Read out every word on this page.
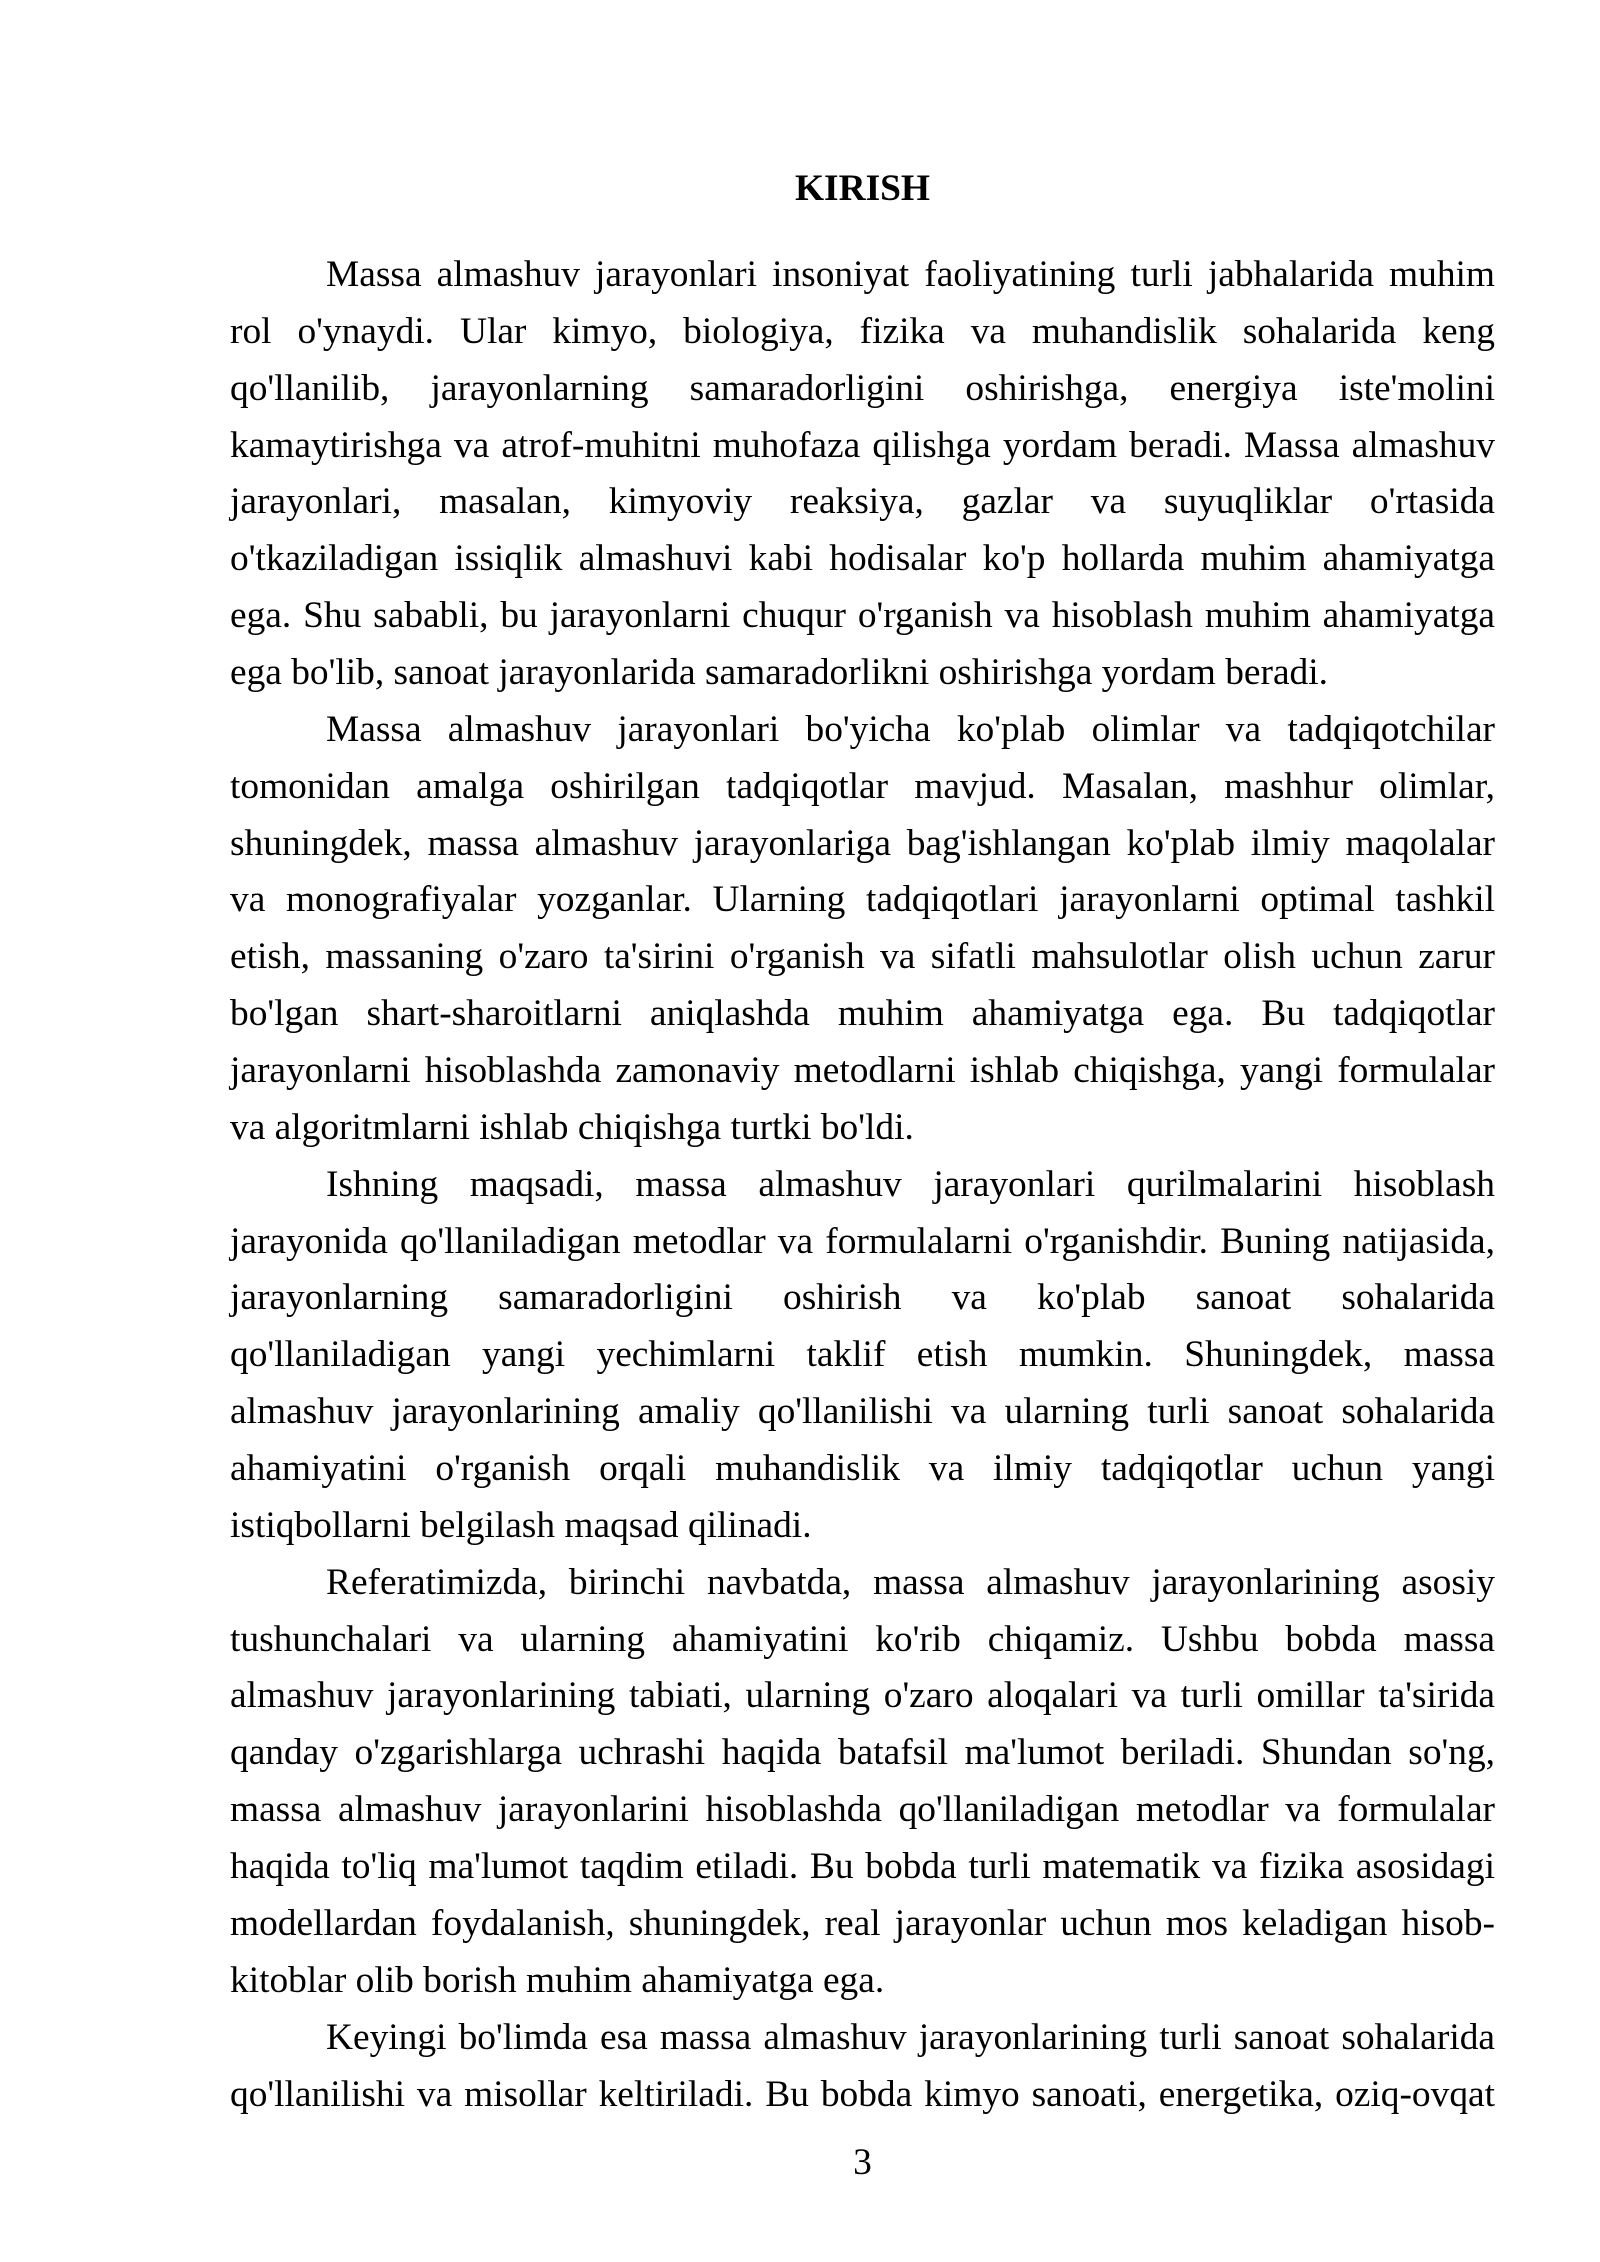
KIRISH
Massa almashuv jarayonlari insoniyat faoliyatining turli jabhalarida muhim
rol o'ynaydi. Ular kimyo, biologiya, fizika va muhandislik sohalarida keng
qo'llanilib, jarayonlarning samaradorligini oshirishga, energiya iste'molini
kamaytirishga va atrof-muhitni muhofaza qilishga yordam beradi. Massa almashuv
jarayonlari, masalan, kimyoviy reaksiya, gazlar va suyuqliklar o'rtasida
o'tkaziladigan issiqlik almashuvi kabi hodisalar ko'p hollarda muhim ahamiyatga
ega. Shu sababli, bu jarayonlarni chuqur o'rganish va hisoblash muhim ahamiyatga
ega bo'lib, sanoat jarayonlarida samaradorlikni oshirishga yordam beradi.
Massa almashuv jarayonlari bo'yicha ko'plab olimlar va tadqiqotchilar
tomonidan amalga oshirilgan tadqiqotlar mavjud. Masalan, mashhur olimlar,
shuningdek, massa almashuv jarayonlariga bag'ishlangan ko'plab ilmiy maqolalar
va monografiyalar yozganlar. Ularning tadqiqotlari jarayonlarni optimal tashkil
etish, massaning o'zaro ta'sirini o'rganish va sifatli mahsulotlar olish uchun zarur
bo'lgan shart-sharoitlarni aniqlashda muhim ahamiyatga ega. Bu tadqiqotlar
jarayonlarni hisoblashda zamonaviy metodlarni ishlab chiqishga, yangi formulalar
va algoritmlarni ishlab chiqishga turtki bo'ldi.
Ishning maqsadi, massa almashuv jarayonlari qurilmalarini hisoblash
jarayonida qo'llaniladigan metodlar va formulalarni o'rganishdir. Buning natijasida,
jarayonlarning samaradorligini oshirish va ko'plab sanoat sohalarida
qo'llaniladigan yangi yechimlarni taklif etish mumkin. Shuningdek, massa
almashuv jarayonlarining amaliy qo'llanilishi va ularning turli sanoat sohalarida
ahamiyatini o'rganish orqali muhandislik va ilmiy tadqiqotlar uchun yangi
istiqbollarni belgilash maqsad qilinadi.
Referatimizda, birinchi navbatda, massa almashuv jarayonlarining asosiy
tushunchalari va ularning ahamiyatini ko'rib chiqamiz. Ushbu bobda massa
almashuv jarayonlarining tabiati, ularning o'zaro aloqalari va turli omillar ta'sirida
qanday o'zgarishlarga uchrashi haqida batafsil ma'lumot beriladi. Shundan so'ng,
massa almashuv jarayonlarini hisoblashda qo'llaniladigan metodlar va formulalar
haqida to'liq ma'lumot taqdim etiladi. Bu bobda turli matematik va fizika asosidagi
modellardan foydalanish, shuningdek, real jarayonlar uchun mos keladigan hisob-
kitoblar olib borish muhim ahamiyatga ega.
Keyingi bo'limda esa massa almashuv jarayonlarining turli sanoat sohalarida
qo'llanilishi va misollar keltiriladi. Bu bobda kimyo sanoati, energetika, oziq-ovqat
3
